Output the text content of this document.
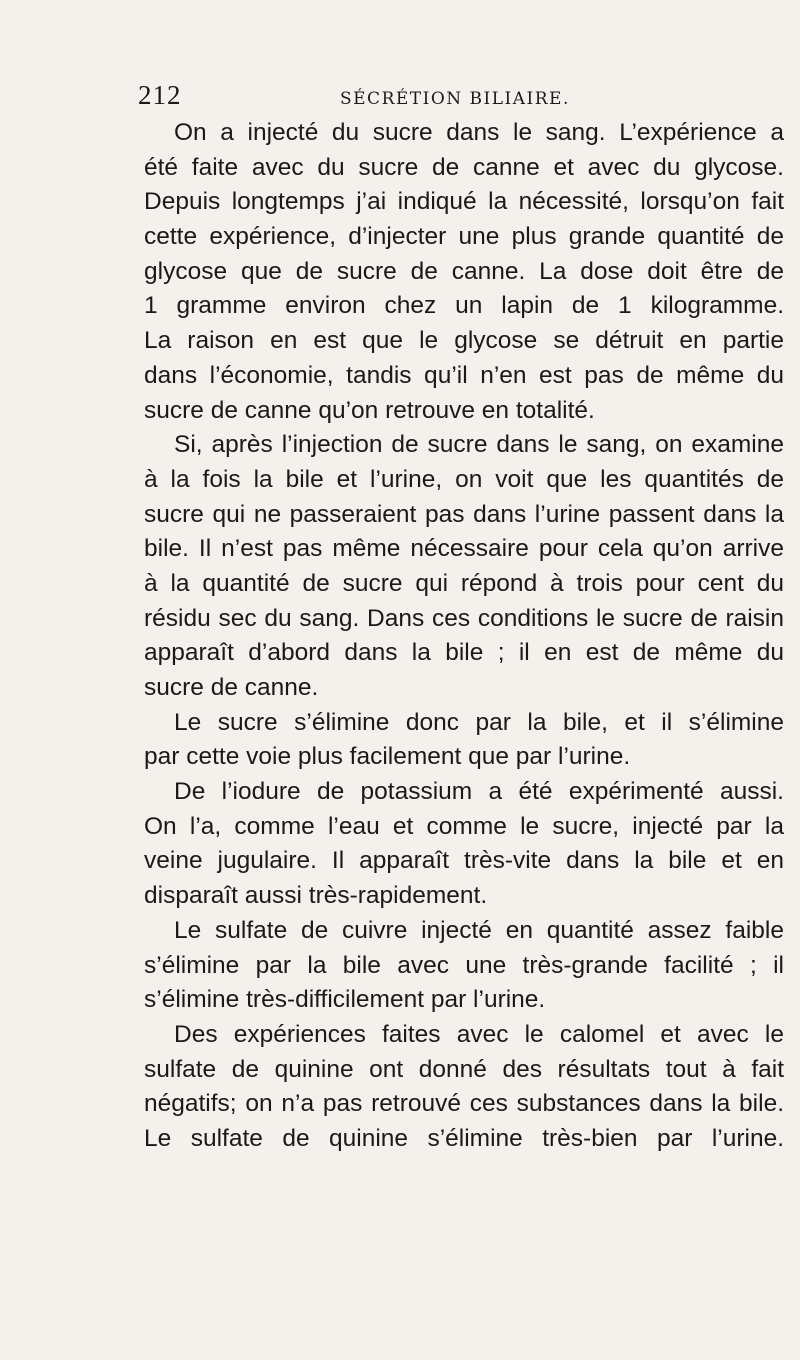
212	SÉCRÉTION BILIAIRE.
On a injecté du sucre dans le sang. L’expérience a
été faite avec du sucre de canne et avec du glycose.
Depuis longtemps j’ai indiqué la nécessité, lorsqu’on fait
cette expérience, d’injecter une plus grande quantité de
glycose que de sucre de canne. La dose doit être de
1 gramme environ chez un lapin de 1 kilogramme.
La raison en est que le glycose se détruit en partie
dans l’économie, tandis qu’il n’en est pas de même du
sucre de canne qu’on retrouve en totalité.
Si, après l’injection de sucre dans le sang, on examine
à la fois la bile et l’urine, on voit que les quantités de
sucre qui ne passeraient pas dans l’urine passent dans la
bile. Il n’est pas même nécessaire pour cela qu’on arrive
à la quantité de sucre qui répond à trois pour cent du
résidu sec du sang. Dans ces conditions le sucre de raisin
apparaît d’abord dans la bile ; il en est de même du
sucre de canne.
Le sucre s’élimine donc par la bile, et il s’élimine
par cette voie plus facilement que par l’urine.
De l’iodure de potassium a été expérimenté aussi.
On l’a, comme l’eau et comme le sucre, injecté par la
veine jugulaire. Il apparaît très-vite dans la bile et en
disparaît aussi très-rapidement.
Le sulfate de cuivre injecté en quantité assez faible
s’élimine par la bile avec une très-grande facilité ; il
s’élimine très-difficilement par l’urine.
Des expériences faites avec le calomel et avec le
sulfate de quinine ont donné des résultats tout à fait
négatifs; on n’a pas retrouvé ces substances dans la bile.
Le sulfate de quinine s’élimine très-bien par l’urine.
